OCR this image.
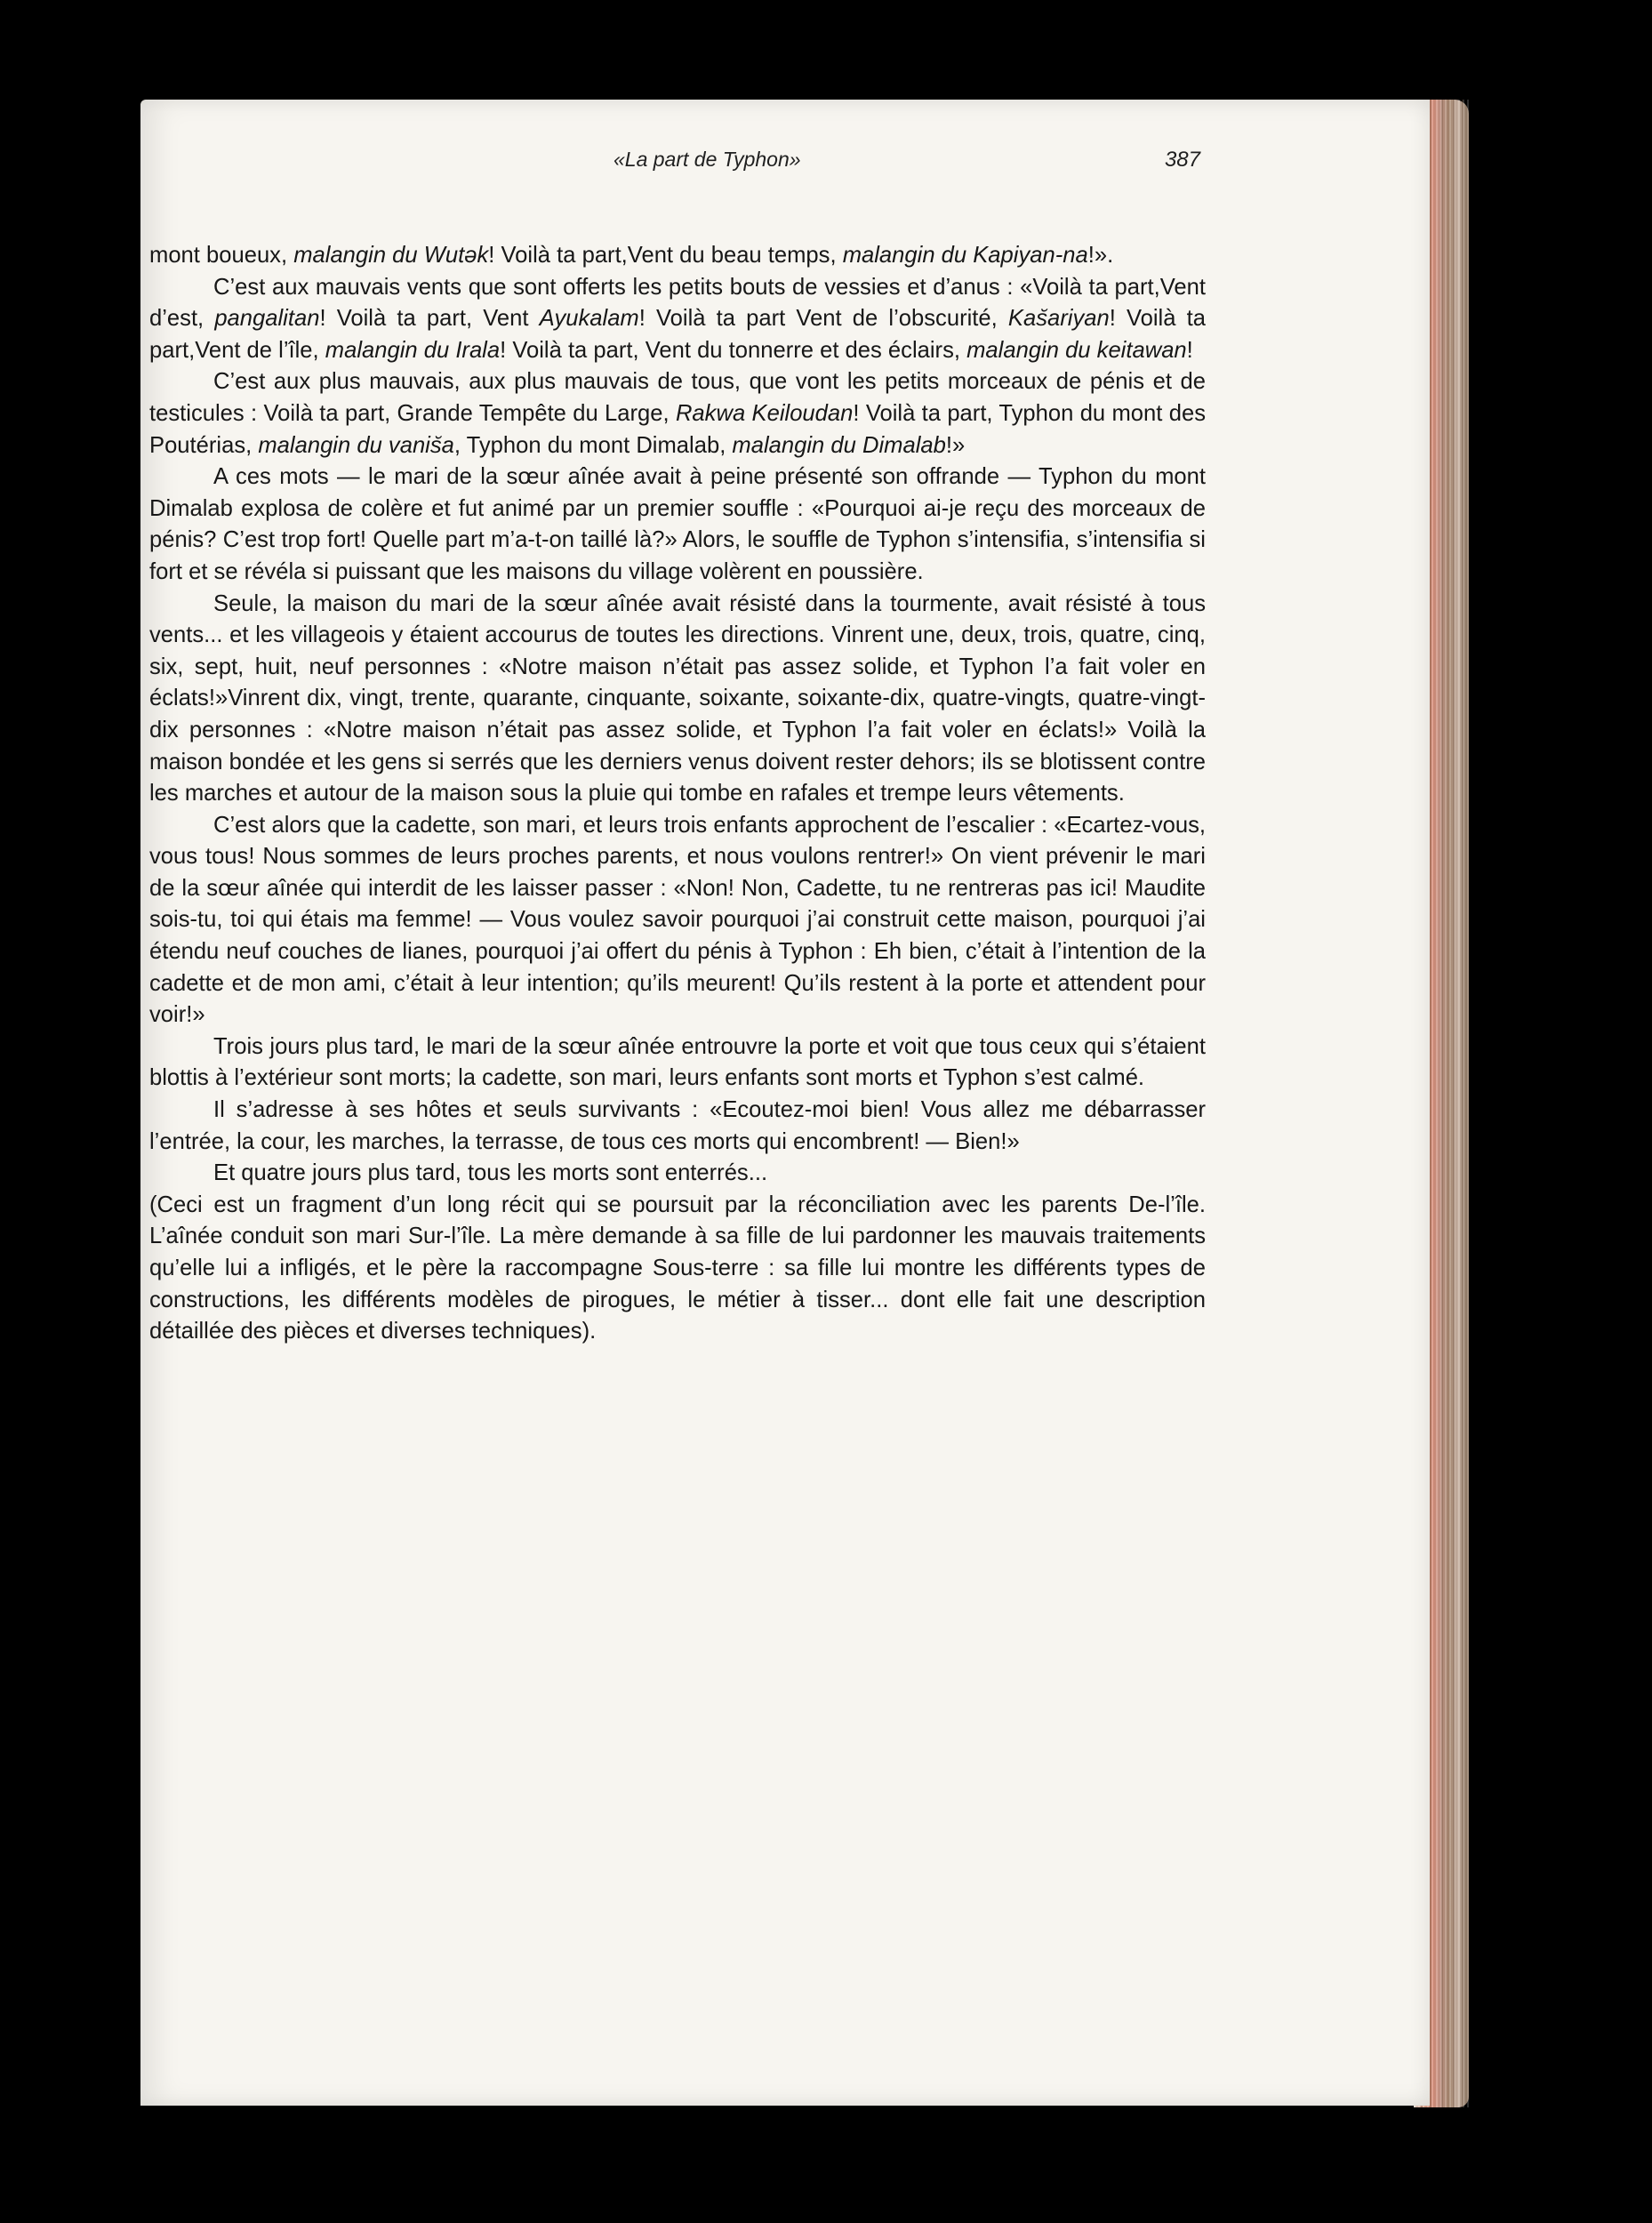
«La part de Typhon»	387

mont boueux, malangin du Wutək! Voilà ta part,Vent du beau temps, malangin du Kapiyan-na!».

C’est aux mauvais vents que sont offerts les petits bouts de vessies et d’anus : «Voilà ta part,Vent d’est, pangalitan! Voilà ta part, Vent Ayukalam! Voilà ta part Vent de l’obscurité, Kas̆ariyan! Voilà ta part,Vent de l’île, malangin du Irala! Voilà ta part, Vent du tonnerre et des éclairs, malangin du keitawan!

C’est aux plus mauvais, aux plus mauvais de tous, que vont les petits morceaux de pénis et de testicules : Voilà ta part, Grande Tempête du Large, Rakwa Keiloudan! Voilà ta part, Typhon du mont des Poutérias, malangin du vanis̆a, Typhon du mont Dimalab, malangin du Dimalab!»

A ces mots — le mari de la sœur aînée avait à peine présenté son offrande — Typhon du mont Dimalab explosa de colère et fut animé par un premier souffle : «Pourquoi ai-je reçu des morceaux de pénis? C’est trop fort! Quelle part m’a-t-on taillé là?» Alors, le souffle de Typhon s’intensifia, s’intensifia si fort et se révéla si puissant que les maisons du village volèrent en poussière.

Seule, la maison du mari de la sœur aînée avait résisté dans la tourmente, avait résisté à tous vents... et les villageois y étaient accourus de toutes les directions. Vinrent une, deux, trois, quatre, cinq, six, sept, huit, neuf personnes : «Notre maison n’était pas assez solide, et Typhon l’a fait voler en éclats!»Vinrent dix, vingt, trente, quarante, cinquante, soixante, soixante-dix, quatre-vingts, quatre-vingt-dix personnes : «Notre maison n’était pas assez solide, et Typhon l’a fait voler en éclats!» Voilà la maison bondée et les gens si serrés que les derniers venus doivent rester dehors; ils se blotissent contre les marches et autour de la maison sous la pluie qui tombe en rafales et trempe leurs vêtements.

C’est alors que la cadette, son mari, et leurs trois enfants approchent de l’escalier : «Ecartez-vous, vous tous! Nous sommes de leurs proches parents, et nous voulons rentrer!» On vient prévenir le mari de la sœur aînée qui interdit de les laisser passer : «Non! Non, Cadette, tu ne rentreras pas ici! Maudite sois-tu, toi qui étais ma femme! — Vous voulez savoir pourquoi j’ai construit cette maison, pourquoi j’ai étendu neuf couches de lianes, pourquoi j’ai offert du pénis à Typhon : Eh bien, c’était à l’intention de la cadette et de mon ami, c’était à leur intention; qu’ils meurent! Qu’ils restent à la porte et attendent pour voir!»

Trois jours plus tard, le mari de la sœur aînée entrouvre la porte et voit que tous ceux qui s’étaient blottis à l’extérieur sont morts; la cadette, son mari, leurs enfants sont morts et Typhon s’est calmé.

Il s’adresse à ses hôtes et seuls survivants : «Ecoutez-moi bien! Vous allez me débarrasser l’entrée, la cour, les marches, la terrasse, de tous ces morts qui encombrent! — Bien!»

Et quatre jours plus tard, tous les morts sont enterrés...

(Ceci est un fragment d’un long récit qui se poursuit par la réconciliation avec les parents De-l’île. L’aînée conduit son mari Sur-l’île. La mère demande à sa fille de lui pardonner les mauvais traitements qu’elle lui a infligés, et le père la raccompagne Sous-terre : sa fille lui montre les différents types de constructions, les différents modèles de pirogues, le métier à tisser... dont elle fait une description détaillée des pièces et diverses techniques).
